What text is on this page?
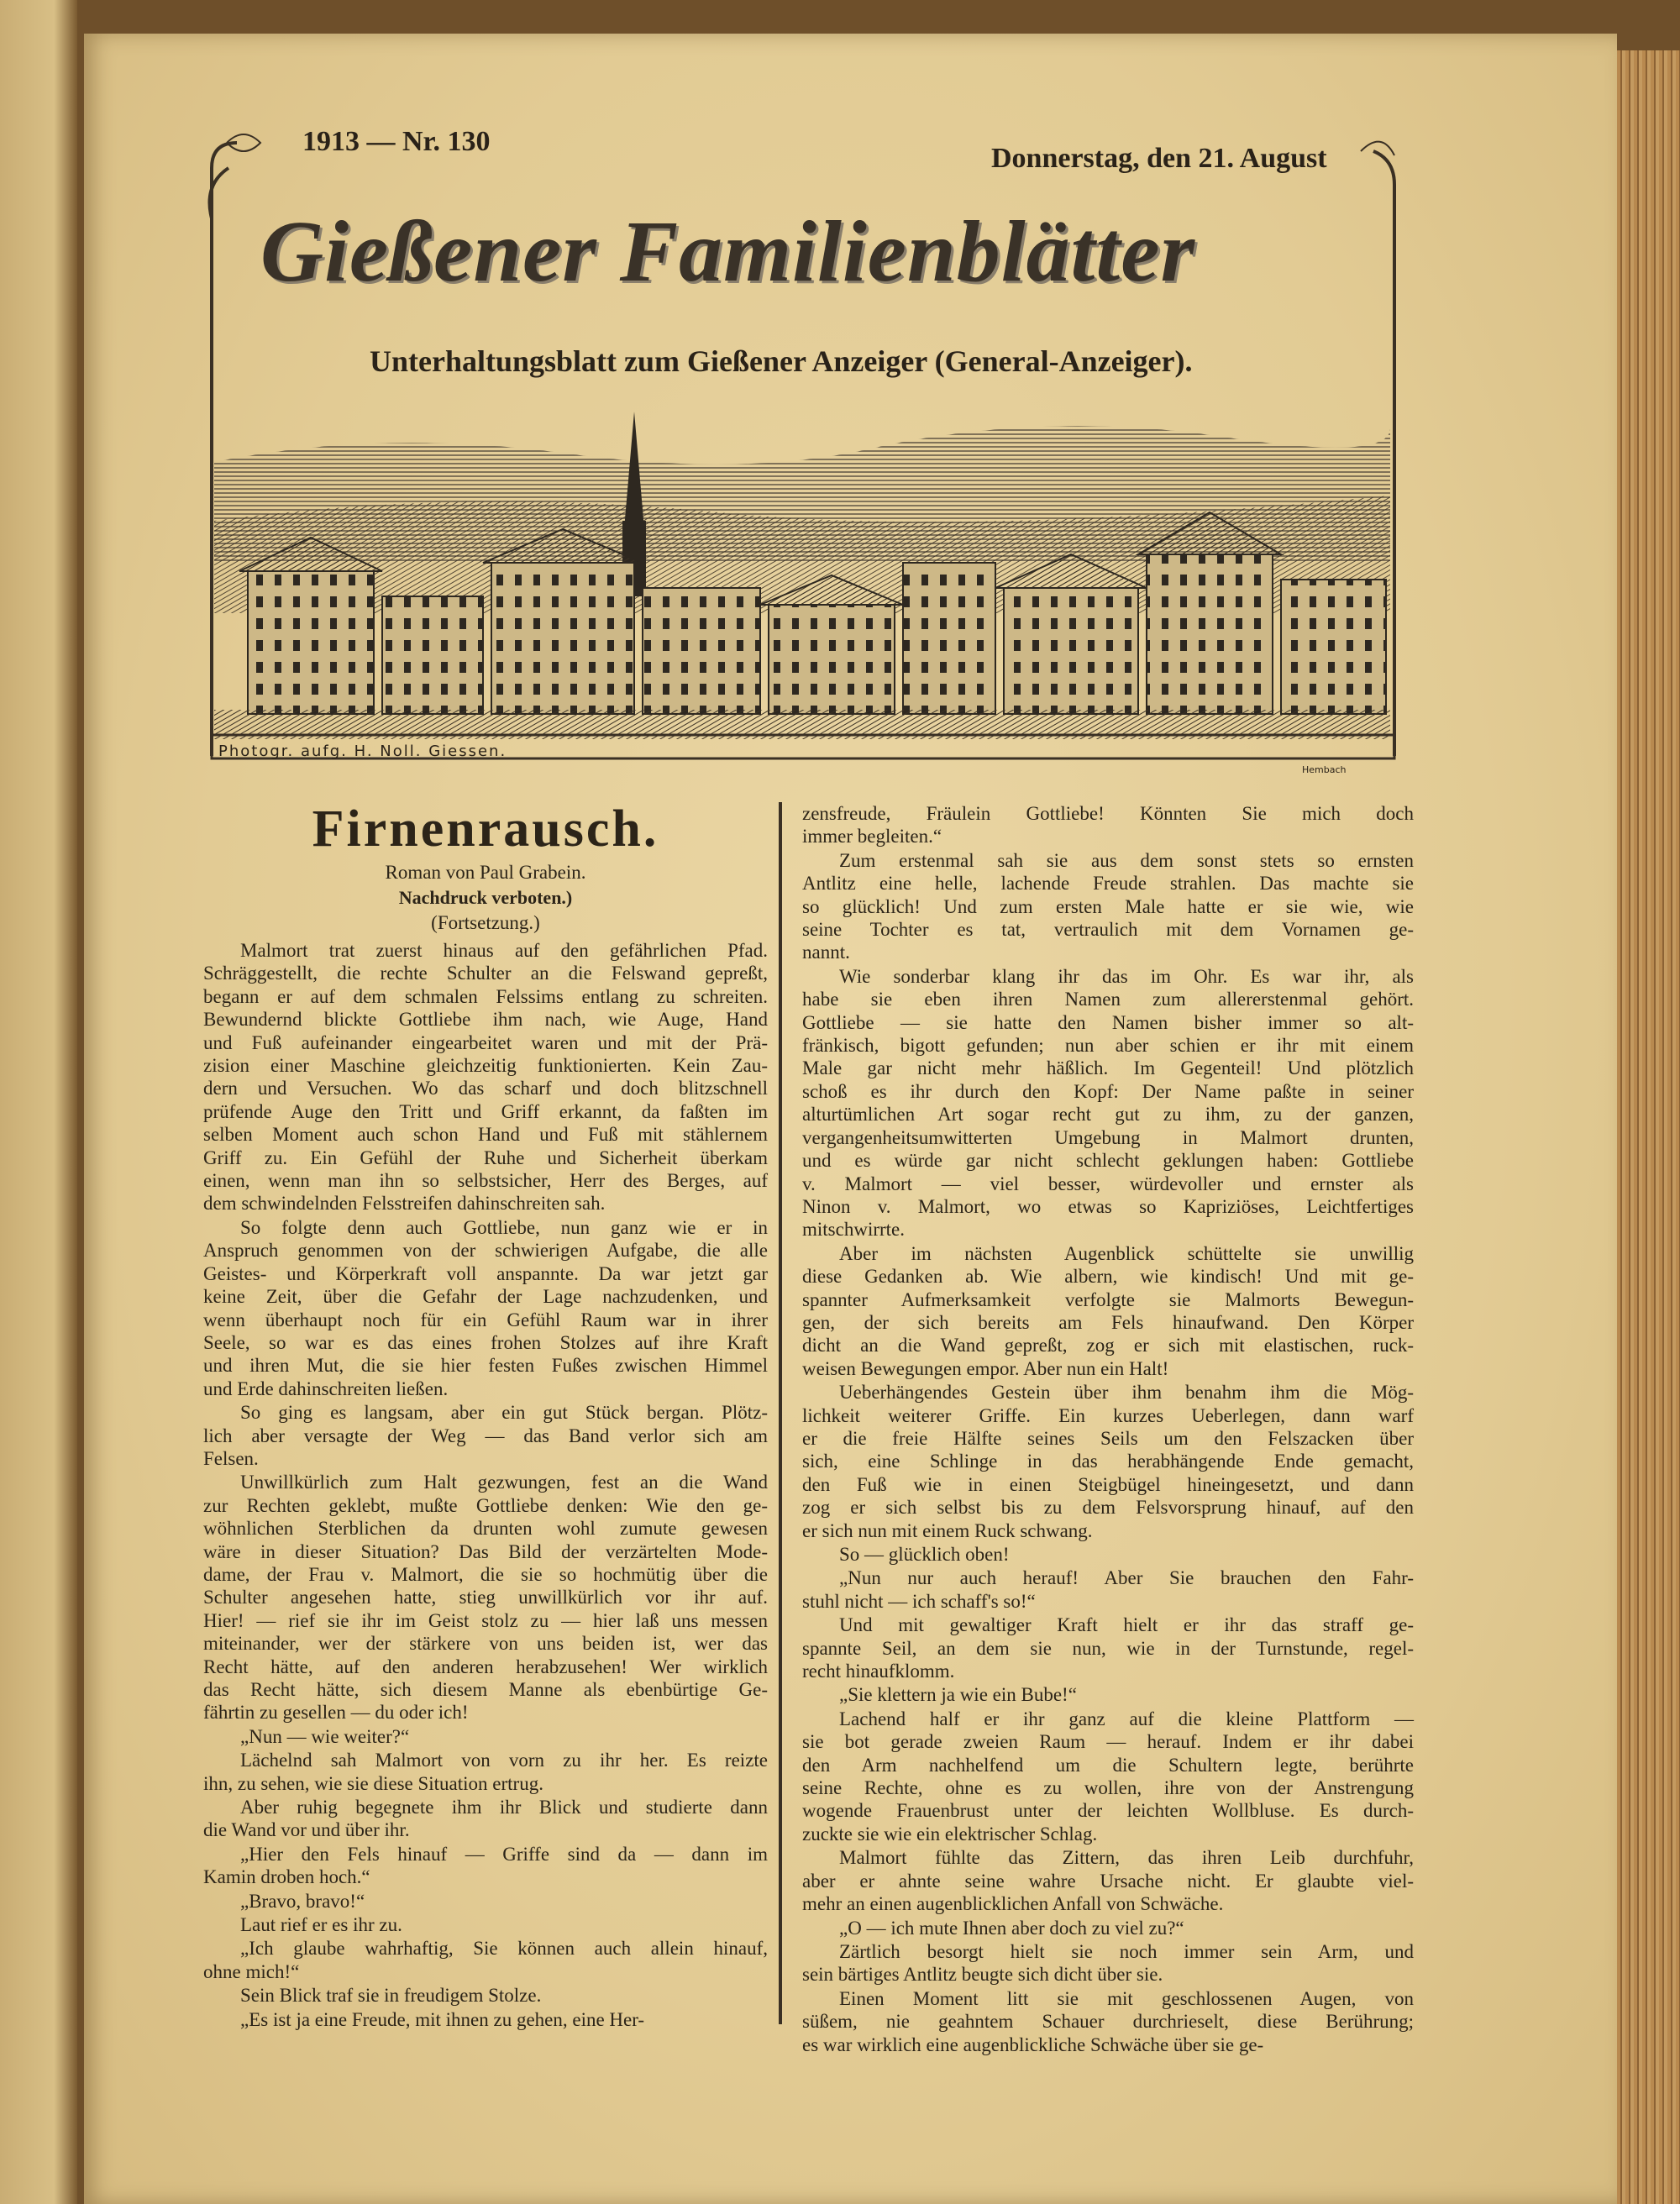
1913 — Nr. 130
Donnerstag, den 21. August
Gießener Familienblätter
Unterhaltungsblatt zum Gießener Anzeiger (General-Anzeiger).
Photogr. aufg. H. Noll. Giessen.
Hembach
Firnenrausch.
Roman von Paul Grabein.
Nachdruck verboten.)
(Fortsetzung.)
Malmort trat zuerst hinaus auf den gefährlichen Pfad.
Schräggestellt, die rechte Schulter an die Felswand gepreßt,
begann er auf dem schmalen Felssims entlang zu schreiten.
Bewundernd blickte Gottliebe ihm nach, wie Auge, Hand
und Fuß aufeinander eingearbeitet waren und mit der Prä-
zision einer Maschine gleichzeitig funktionierten. Kein Zau-
dern und Versuchen. Wo das scharf und doch blitzschnell
prüfende Auge den Tritt und Griff erkannt, da faßten im
selben Moment auch schon Hand und Fuß mit stählernem
Griff zu. Ein Gefühl der Ruhe und Sicherheit überkam
einen, wenn man ihn so selbstsicher, Herr des Berges, auf
dem schwindelnden Felsstreifen dahinschreiten sah.
So folgte denn auch Gottliebe, nun ganz wie er in
Anspruch genommen von der schwierigen Aufgabe, die alle
Geistes- und Körperkraft voll anspannte. Da war jetzt gar
keine Zeit, über die Gefahr der Lage nachzudenken, und
wenn überhaupt noch für ein Gefühl Raum war in ihrer
Seele, so war es das eines frohen Stolzes auf ihre Kraft
und ihren Mut, die sie hier festen Fußes zwischen Himmel
und Erde dahinschreiten ließen.
So ging es langsam, aber ein gut Stück bergan. Plötz-
lich aber versagte der Weg — das Band verlor sich am
Felsen.
Unwillkürlich zum Halt gezwungen, fest an die Wand
zur Rechten geklebt, mußte Gottliebe denken: Wie den ge-
wöhnlichen Sterblichen da drunten wohl zumute gewesen
wäre in dieser Situation? Das Bild der verzärtelten Mode-
dame, der Frau v. Malmort, die sie so hochmütig über die
Schulter angesehen hatte, stieg unwillkürlich vor ihr auf.
Hier! — rief sie ihr im Geist stolz zu — hier laß uns messen
miteinander, wer der stärkere von uns beiden ist, wer das
Recht hätte, auf den anderen herabzusehen! Wer wirklich
das Recht hätte, sich diesem Manne als ebenbürtige Ge-
fährtin zu gesellen — du oder ich!
„Nun — wie weiter?“
Lächelnd sah Malmort von vorn zu ihr her. Es reizte
ihn, zu sehen, wie sie diese Situation ertrug.
Aber ruhig begegnete ihm ihr Blick und studierte dann
die Wand vor und über ihr.
„Hier den Fels hinauf — Griffe sind da — dann im
Kamin droben hoch.“
„Bravo, bravo!“
Laut rief er es ihr zu.
„Ich glaube wahrhaftig, Sie können auch allein hinauf,
ohne mich!“
Sein Blick traf sie in freudigem Stolze.
„Es ist ja eine Freude, mit ihnen zu gehen, eine Her-
zensfreude, Fräulein Gottliebe! Könnten Sie mich doch
immer begleiten.“
Zum erstenmal sah sie aus dem sonst stets so ernsten
Antlitz eine helle, lachende Freude strahlen. Das machte sie
so glücklich! Und zum ersten Male hatte er sie wie, wie
seine Tochter es tat, vertraulich mit dem Vornamen ge-
nannt.
Wie sonderbar klang ihr das im Ohr. Es war ihr, als
habe sie eben ihren Namen zum allererstenmal gehört.
Gottliebe — sie hatte den Namen bisher immer so alt-
fränkisch, bigott gefunden; nun aber schien er ihr mit einem
Male gar nicht mehr häßlich. Im Gegenteil! Und plötzlich
schoß es ihr durch den Kopf: Der Name paßte in seiner
alturtümlichen Art sogar recht gut zu ihm, zu der ganzen,
vergangenheitsumwitterten Umgebung in Malmort drunten,
und es würde gar nicht schlecht geklungen haben: Gottliebe
v. Malmort — viel besser, würdevoller und ernster als
Ninon v. Malmort, wo etwas so Kapriziöses, Leichtfertiges
mitschwirrte.
Aber im nächsten Augenblick schüttelte sie unwillig
diese Gedanken ab. Wie albern, wie kindisch! Und mit ge-
spannter Aufmerksamkeit verfolgte sie Malmorts Bewegun-
gen, der sich bereits am Fels hinaufwand. Den Körper
dicht an die Wand gepreßt, zog er sich mit elastischen, ruck-
weisen Bewegungen empor. Aber nun ein Halt!
Ueberhängendes Gestein über ihm benahm ihm die Mög-
lichkeit weiterer Griffe. Ein kurzes Ueberlegen, dann warf
er die freie Hälfte seines Seils um den Felszacken über
sich, eine Schlinge in das herabhängende Ende gemacht,
den Fuß wie in einen Steigbügel hineingesetzt, und dann
zog er sich selbst bis zu dem Felsvorsprung hinauf, auf den
er sich nun mit einem Ruck schwang.
So — glücklich oben!
„Nun nur auch herauf! Aber Sie brauchen den Fahr-
stuhl nicht — ich schaff's so!“
Und mit gewaltiger Kraft hielt er ihr das straff ge-
spannte Seil, an dem sie nun, wie in der Turnstunde, regel-
recht hinaufklomm.
„Sie klettern ja wie ein Bube!“
Lachend half er ihr ganz auf die kleine Plattform —
sie bot gerade zweien Raum — herauf. Indem er ihr dabei
den Arm nachhelfend um die Schultern legte, berührte
seine Rechte, ohne es zu wollen, ihre von der Anstrengung
wogende Frauenbrust unter der leichten Wollbluse. Es durch-
zuckte sie wie ein elektrischer Schlag.
Malmort fühlte das Zittern, das ihren Leib durchfuhr,
aber er ahnte seine wahre Ursache nicht. Er glaubte viel-
mehr an einen augenblicklichen Anfall von Schwäche.
„O — ich mute Ihnen aber doch zu viel zu?“
Zärtlich besorgt hielt sie noch immer sein Arm, und
sein bärtiges Antlitz beugte sich dicht über sie.
Einen Moment litt sie mit geschlossenen Augen, von
süßem, nie geahntem Schauer durchrieselt, diese Berührung;
es war wirklich eine augenblickliche Schwäche über sie ge-
